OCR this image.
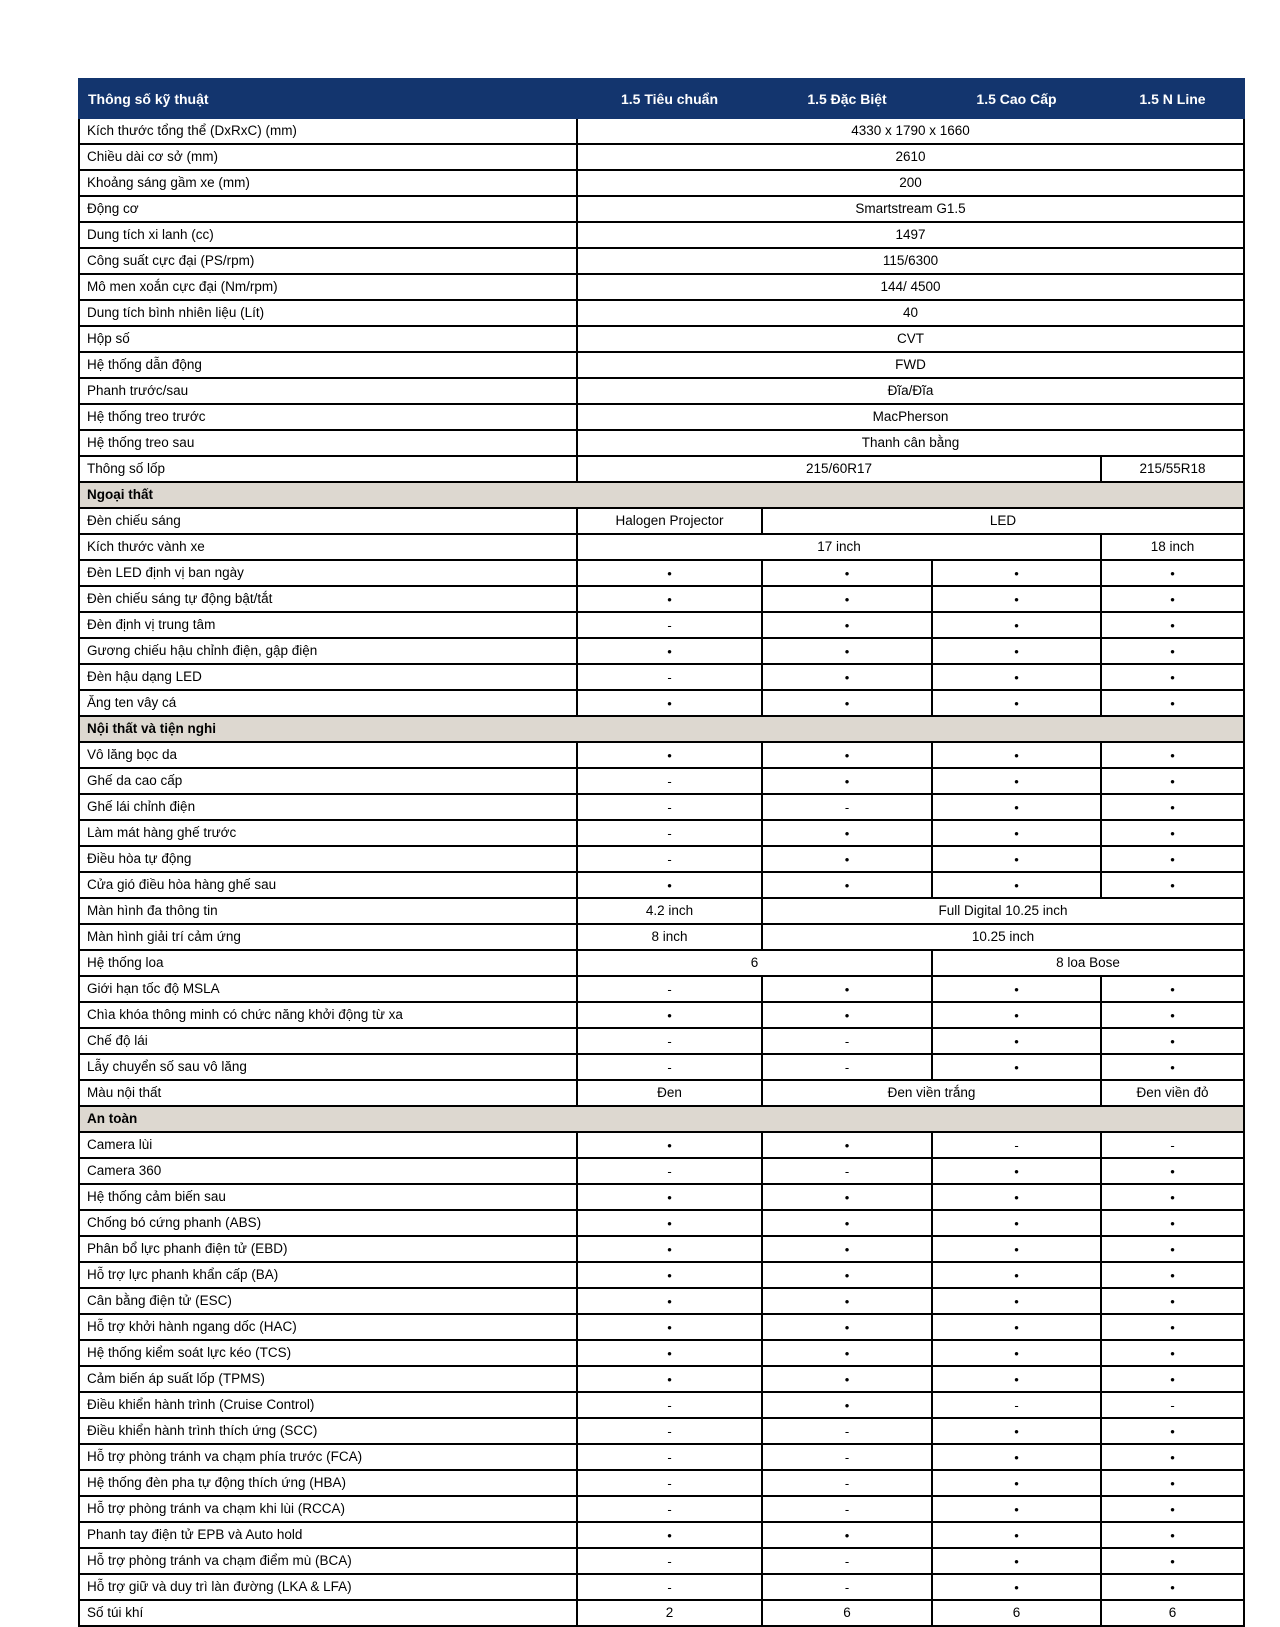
Thông số kỹ thuật	1.5 Tiêu chuẩn	1.5 Đặc Biệt	1.5 Cao Cấp	1.5 N Line
Kích thước tổng thể (DxRxC) (mm)	4330 x 1790 x 1660			
Chiều dài cơ sở (mm)	2610			
Khoảng sáng gầm xe (mm)	200			
Động cơ	Smartstream G1.5			
Dung tích xi lanh (cc)	1497			
Công suất cực đại (PS/rpm)	115/6300			
Mô men xoắn cực đại (Nm/rpm)	144/ 4500			
Dung tích bình nhiên liệu (Lít)	40			
Hộp số	CVT			
Hệ thống dẫn động	FWD			
Phanh trước/sau	Đĩa/Đĩa			
Hệ thống treo trước	MacPherson			
Hệ thống treo sau	Thanh cân bằng			
Thông số lốp	215/60R17			215/55R18
Ngoại thất				
Đèn chiếu sáng	Halogen Projector	LED		
Kích thước vành xe	17 inch			18 inch
Đèn LED định vị ban ngày	•	•	•	•
Đèn chiếu sáng tự động bật/tắt	•	•	•	•
Đèn định vị trung tâm	-	•	•	•
Gương chiếu hậu chỉnh điện, gập điện	•	•	•	•
Đèn hậu dạng LED	-	•	•	•
Ăng ten vây cá	•	•	•	•
Nội thất và tiện nghi				
Vô lăng bọc da	•	•	•	•
Ghế da cao cấp	-	•	•	•
Ghế lái chỉnh điện	-	-	•	•
Làm mát hàng ghế trước	-	•	•	•
Điều hòa tự động	-	•	•	•
Cửa gió điều hòa hàng ghế sau	•	•	•	•
Màn hình đa thông tin	4.2 inch	Full Digital 10.25 inch		
Màn hình giải trí cảm ứng	8 inch	10.25 inch		
Hệ thống loa	6		8 loa Bose	
Giới hạn tốc độ MSLA	-	•	•	•
Chìa khóa thông minh có chức năng khởi động từ xa	•	•	•	•
Chế độ lái	-	-	•	•
Lẫy chuyển số sau vô lăng	-	-	•	•
Màu nội thất	Đen	Đen viền trắng		Đen viền đỏ
An toàn				
Camera lùi	•	•	-	-
Camera 360	-	-	•	•
Hệ thống cảm biến sau	•	•	•	•
Chống bó cứng phanh (ABS)	•	•	•	•
Phân bổ lực phanh điện tử (EBD)	•	•	•	•
Hỗ trợ lực phanh khẩn cấp (BA)	•	•	•	•
Cân bằng điện tử (ESC)	•	•	•	•
Hỗ trợ khởi hành ngang dốc (HAC)	•	•	•	•
Hệ thống kiểm soát lực kéo (TCS)	•	•	•	•
Cảm biến áp suất lốp (TPMS)	•	•	•	•
Điều khiển hành trình (Cruise Control)	-	•	-	-
Điều khiển hành trình thích ứng (SCC)	-	-	•	•
Hỗ trợ phòng tránh va chạm phía trước (FCA)	-	-	•	•
Hệ thống đèn pha tự động thích ứng (HBA)	-	-	•	•
Hỗ trợ phòng tránh va chạm khi lùi (RCCA)	-	-	•	•
Phanh tay điện tử EPB và Auto hold	•	•	•	•
Hỗ trợ phòng tránh va chạm điểm mù (BCA)	-	-	•	•
Hỗ trợ giữ và duy trì làn đường (LKA & LFA)	-	-	•	•
Số túi khí	2	6	6	6
